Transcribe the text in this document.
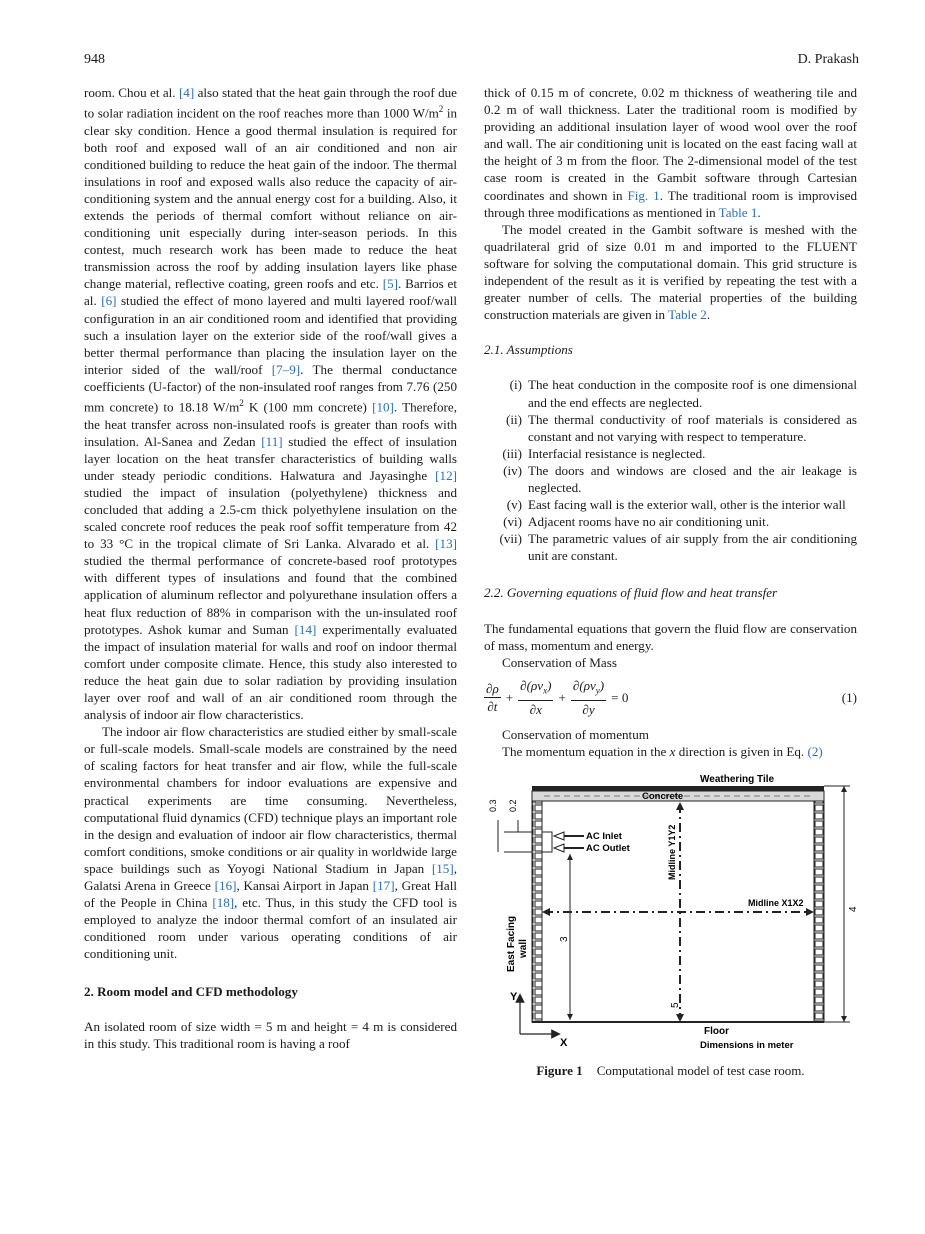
948	D. Prakash

room. Chou et al. [4] also stated that the heat gain through the roof due to solar radiation incident on the roof reaches more than 1000 $W/m^2$ in clear sky condition. Hence a good thermal insulation is required for both roof and exposed wall of an air conditioned and non air conditioned building to reduce the heat gain of the indoor. The thermal insulations in roof and exposed walls also reduce the capacity of air-conditioning system and the annual energy cost for a building. Also, it extends the periods of thermal comfort without reliance on air-conditioning unit especially during inter-season periods. In this contest, much research work has been made to reduce the heat transmission across the roof by adding insulation layers like phase change material, reflective coating, green roofs and etc. [5]. Barrios et al. [6] studied the effect of mono layered and multi layered roof/wall configuration in an air conditioned room and identified that providing such a insulation layer on the exterior side of the roof/wall gives a better thermal performance than placing the insulation layer on the interior sided of the wall/roof [7–9]. The thermal conductance coefficients (U-factor) of the non-insulated roof ranges from 7.76 (250 mm concrete) to 18.18 $W/m^2$ K (100 mm concrete) [10]. Therefore, the heat transfer across non-insulated roofs is greater than roofs with insulation. Al-Sanea and Zedan [11] studied the effect of insulation layer location on the heat transfer characteristics of building walls under steady periodic conditions. Halwatura and Jayasinghe [12] studied the impact of insulation (polyethylene) thickness and concluded that adding a 2.5-cm thick polyethylene insulation on the scaled concrete roof reduces the peak roof soffit temperature from 42 to 33 °C in the tropical climate of Sri Lanka. Alvarado et al. [13] studied the thermal performance of concrete-based roof prototypes with different types of insulations and found that the combined application of aluminum reflector and polyurethane insulation offers a heat flux reduction of 88% in comparison with the un-insulated roof prototypes. Ashok kumar and Suman [14] experimentally evaluated the impact of insulation material for walls and roof on indoor thermal comfort under composite climate. Hence, this study also interested to reduce the heat gain due to solar radiation by providing insulation layer over roof and wall of an air conditioned room through the analysis of indoor air flow characteristics.

The indoor air flow characteristics are studied either by small-scale or full-scale models. Small-scale models are constrained by the need of scaling factors for heat transfer and air flow, while the full-scale environmental chambers for indoor evaluations are expensive and practical experiments are time consuming. Nevertheless, computational fluid dynamics (CFD) technique plays an important role in the design and evaluation of indoor air flow characteristics, thermal comfort conditions, smoke conditions or air quality in worldwide large space buildings such as Yoyogi National Stadium in Japan [15], Galatsi Arena in Greece [16], Kansai Airport in Japan [17], Great Hall of the People in China [18], etc. Thus, in this study the CFD tool is employed to analyze the indoor thermal comfort of an insulated air conditioned room under various operating conditions of air conditioning unit.

2. Room model and CFD methodology

An isolated room of size width = 5 m and height = 4 m is considered in this study. This traditional room is having a roof

thick of 0.15 m of concrete, 0.02 m thickness of weathering tile and 0.2 m of wall thickness. Later the traditional room is modified by providing an additional insulation layer of wood wool over the roof and wall. The air conditioning unit is located on the east facing wall at the height of 3 m from the floor. The 2-dimensional model of the test case room is created in the Gambit software through Cartesian coordinates and shown in Fig. 1. The traditional room is improvised through three modifications as mentioned in Table 1.

The model created in the Gambit software is meshed with the quadrilateral grid of size 0.01 m and imported to the FLUENT software for solving the computational domain. This grid structure is independent of the result as it is verified by repeating the test with a greater number of cells. The material properties of the building construction materials are given in Table 2.

2.1. Assumptions

(i) The heat conduction in the composite roof is one dimensional and the end effects are neglected.
(ii) The thermal conductivity of roof materials is considered as constant and not varying with respect to temperature.
(iii) Interfacial resistance is neglected.
(iv) The doors and windows are closed and the air leakage is neglected.
(v) East facing wall is the exterior wall, other is the interior wall
(vi) Adjacent rooms have no air conditioning unit.
(vii) The parametric values of air supply from the air conditioning unit are constant.

2.2. Governing equations of fluid flow and heat transfer

The fundamental equations that govern the fluid flow are conservation of mass, momentum and energy.

Conservation of Mass

$\frac{\partial\rho}{\partial t} + \frac{\partial(\rho v_x)}{\partial x} + \frac{\partial(\rho v_y)}{\partial y} = 0$	(1)

Conservation of momentum

The momentum equation in the x direction is given in Eq. (2)

Weathering Tile
Concrete
Floor
AC Inlet
AC Outlet	Midline Y1Y2
Midline X1X2
3
4
5
0.3 0.2
East Facing wall
Y
X	Dimensions in meter
Figure 1 Computational model of test case room.
